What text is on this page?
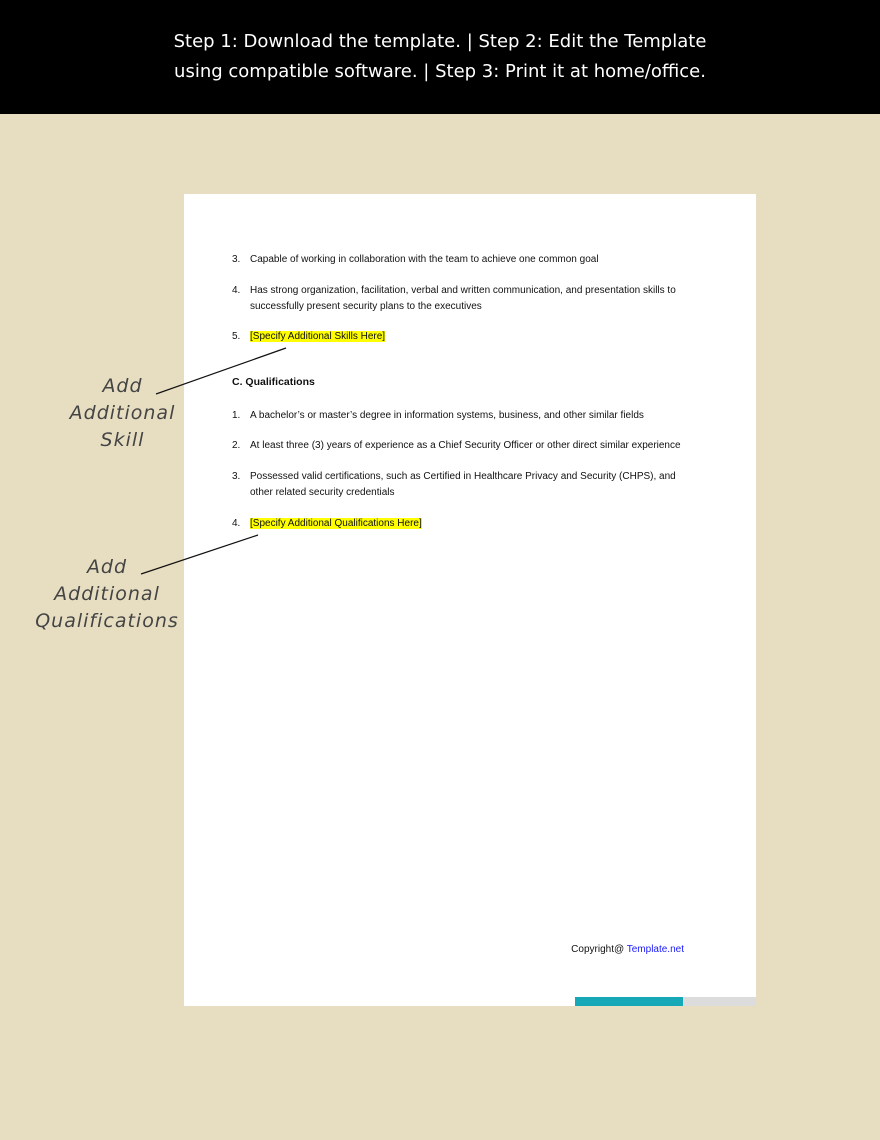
Step 1: Download the template. | Step 2: Edit the Template
using compatible software. | Step 3: Print it at home/office.
3. Capable of working in collaboration with the team to achieve one common goal
4. Has strong organization, facilitation, verbal and written communication, and presentation skills to successfully present security plans to the executives
5. [Specify Additional Skills Here]
C. Qualifications
1. A bachelor’s or master’s degree in information systems, business, and other similar fields
2. At least three (3) years of experience as a Chief Security Officer or other direct similar experience
3. Possessed valid certifications, such as Certified in Healthcare Privacy and Security (CHPS), and other related security credentials
4. [Specify Additional Qualifications Here]
Copyright@ Template.net
Add
Additional
Skill
Add
Additional
Qualifications
